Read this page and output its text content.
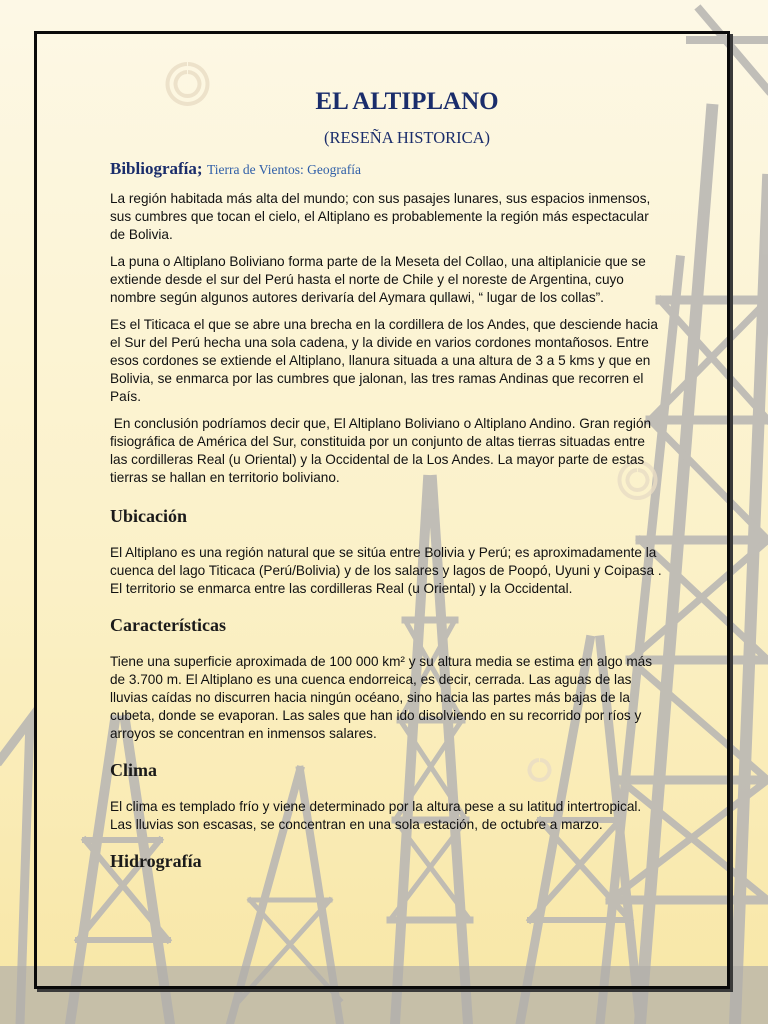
EL ALTIPLANO
(RESEÑA HISTORICA)
Bibliografía; Tierra de Vientos: Geografía

La región habitada más alta del mundo; con sus pasajes lunares, sus espacios inmensos, sus cumbres que tocan el cielo, el Altiplano es probablemente la región más espectacular de Bolivia.

La puna o Altiplano Boliviano forma parte de la Meseta del Collao, una altiplanicie que se extiende desde el sur del Perú hasta el norte de Chile y el noreste de Argentina, cuyo nombre según algunos autores derivaría del Aymara qullawi, “ lugar de los collas”.

Es el Titicaca el que se abre una brecha en la cordillera de los Andes, que desciende hacia el Sur del Perú hecha una sola cadena, y la divide en varios cordones montañosos. Entre esos cordones se extiende el Altiplano, llanura situada a una altura de 3 a 5 kms y que en Bolivia, se enmarca por las cumbres que jalonan, las tres ramas Andinas que recorren el País.

En conclusión podríamos decir que, El Altiplano Boliviano o Altiplano Andino. Gran región fisiográfica de América del Sur, constituida por un conjunto de altas tierras situadas entre las cordilleras Real (u Oriental) y la Occidental de la Los Andes. La mayor parte de estas tierras se hallan en territorio boliviano.

Ubicación

El Altiplano es una región natural que se sitúa entre Bolivia y Perú; es aproximadamente la cuenca del lago Titicaca (Perú/Bolivia) y de los salares y lagos de Poopó, Uyuni y Coipasa . El territorio se enmarca entre las cordilleras Real (u Oriental) y la Occidental.

Características

Tiene una superficie aproximada de 100 000 km² y su altura media se estima en algo más de 3.700 m. El Altiplano es una cuenca endorreica, es decir, cerrada. Las aguas de las lluvias caídas no discurren hacia ningún océano, sino hacia las partes más bajas de la cubeta, donde se evaporan. Las sales que han ido disolviendo en su recorrido por ríos y arroyos se concentran en inmensos salares.

Clima

El clima es templado frío y viene determinado por la altura pese a su latitud intertropical. Las lluvias son escasas, se concentran en una sola estación, de octubre a marzo.

Hidrografía
